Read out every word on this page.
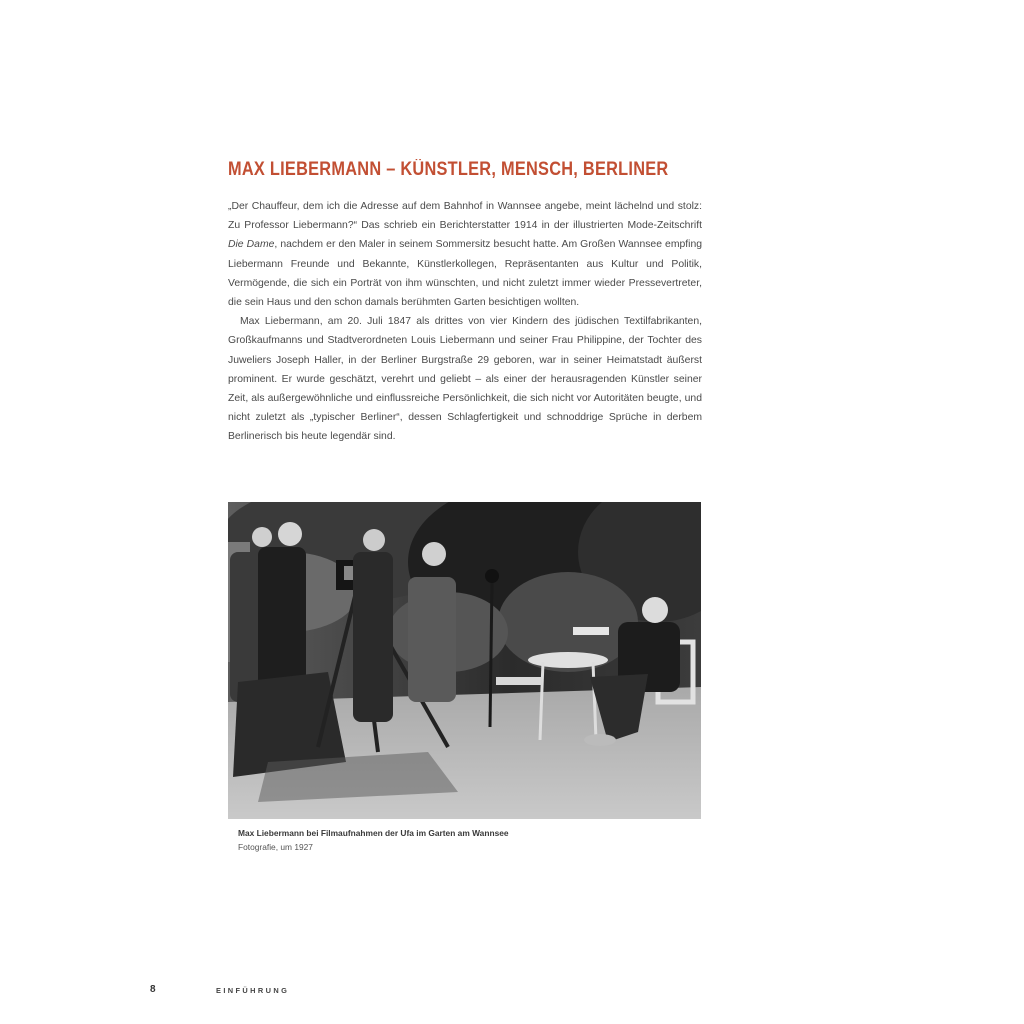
MAX LIEBERMANN – KÜNSTLER, MENSCH, BERLINER

„Der Chauffeur, dem ich die Adresse auf dem Bahnhof in Wannsee angebe, meint lächelnd und stolz: Zu Professor Liebermann?“ Das schrieb ein Berichterstatter 1914 in der illustrierten Mode-Zeitschrift Die Dame, nachdem er den Maler in seinem Sommersitz besucht hatte. Am Großen Wannsee empfing Liebermann Freunde und Bekannte, Künstlerkollegen, Repräsentanten aus Kultur und Politik, Vermögende, die sich ein Porträt von ihm wünschten, und nicht zuletzt immer wieder Pressevertreter, die sein Haus und den schon damals berühmten Garten besichtigen wollten.

Max Liebermann, am 20. Juli 1847 als drittes von vier Kindern des jüdischen Textilfabrikanten, Großkaufmanns und Stadtverordneten Louis Liebermann und seiner Frau Philippine, der Tochter des Juweliers Joseph Haller, in der Berliner Burgstraße 29 geboren, war in seiner Heimatstadt äußerst prominent. Er wurde geschätzt, verehrt und geliebt – als einer der herausragenden Künstler seiner Zeit, als außergewöhnliche und einflussreiche Persönlichkeit, die sich nicht vor Autoritäten beugte, und nicht zuletzt als „typischer Berliner“, dessen Schlagfertigkeit und schnoddrige Sprüche in derbem Berlinerisch bis heute legendär sind.

Max Liebermann bei Filmaufnahmen der Ufa im Garten am Wannsee
Fotografie, um 1927
8	EINFÜHRUNG
